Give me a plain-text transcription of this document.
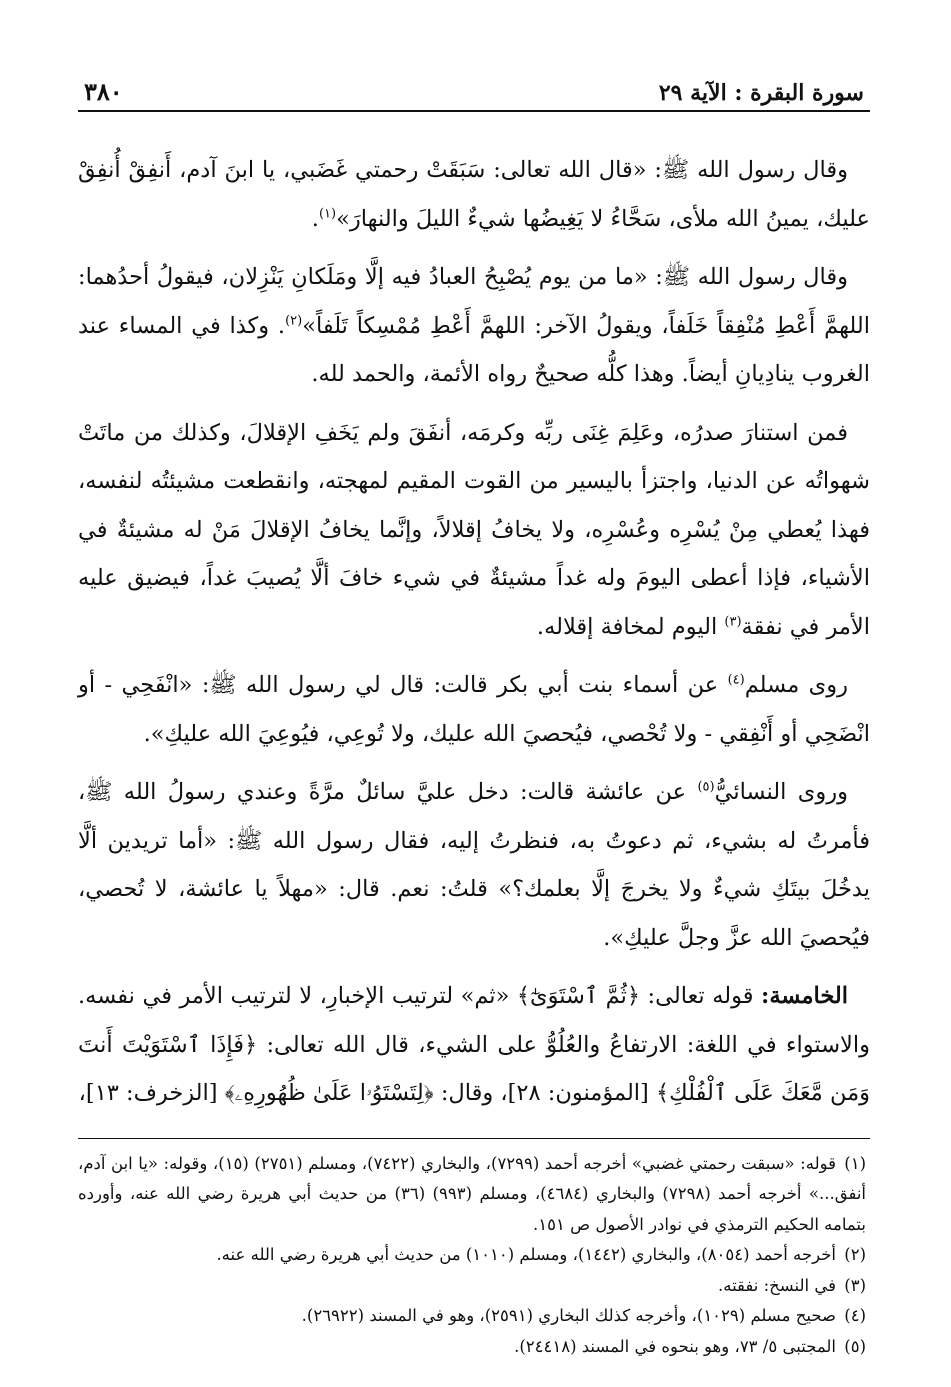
سورة البقرة : الآية ٢٩
٣٨٠

وقال رسول الله ﷺ: «قال الله تعالى: سَبَقَتْ رحمتي غَضَبي، يا ابنَ آدم، أَنفِقْ أُنفِقْ عليك، يمينُ الله ملأى، سَحَّاءُ لا يَغِيضُها شيءٌ الليلَ والنهارَ»$^{(١)}$.

وقال رسول الله ﷺ: «ما من يوم يُصْبِحُ العبادُ فيه إلَّا ومَلَكانِ يَنْزِلان، فيقولُ أحدُهما: اللهمَّ أَعْطِ مُنْفِقاً خَلَفاً، ويقولُ الآخر: اللهمَّ أَعْطِ مُمْسِكاً تَلَفاً»$^{(٢)}$. وكذا في المساء عند الغروب ينادِيانِ أيضاً. وهذا كلُّه صحيحٌ رواه الأئمة، والحمد لله.

فمن استنارَ صدرُه، وعَلِمَ غِنَى ربِّه وكرمَه، أنفَقَ ولم يَخَفِ الإقلالَ، وكذلك من ماتَتْ شهواتُه عن الدنيا، واجتزأ باليسير من القوت المقيم لمهجته، وانقطعت مشيئتُه لنفسه، فهذا يُعطي مِنْ يُسْرِه وعُسْرِه، ولا يخافُ إقلالاً، وإنَّما يخافُ الإقلالَ مَنْ له مشيئةٌ في الأشياء، فإذا أعطى اليومَ وله غداً مشيئةٌ في شيء خافَ ألَّا يُصيبَ غداً، فيضيق عليه الأمر في نفقة$^{(٣)}$ اليوم لمخافة إقلاله.

روى مسلم$^{(٤)}$ عن أسماء بنت أبي بكر قالت: قال لي رسول الله ﷺ: «انْفَحِي - أو انْضَحِي أو أَنْفِقي - ولا تُحْصي، فيُحصيَ الله عليك، ولا تُوعِي، فيُوعِيَ الله عليكِ».

وروى النسائيُّ$^{(٥)}$ عن عائشة قالت: دخل عليَّ سائلٌ مرَّةً وعندي رسولُ الله ﷺ، فأمرتُ له بشيء، ثم دعوتُ به، فنظرتُ إليه، فقال رسول الله ﷺ: «أما تريدين ألَّا يدخُلَ بيتَكِ شيءٌ ولا يخرجَ إلَّا بعلمك؟» قلتُ: نعم. قال: «مهلاً يا عائشة، لا تُحصي، فيُحصيَ الله عزَّ وجلَّ عليكِ».

الخامسة: قوله تعالى: ﴿ثُمَّ ٱسْتَوَىٰٓ﴾ «ثم» لترتيب الإخبارِ، لا لترتيب الأمر في نفسه. والاستواء في اللغة: الارتفاعُ والعُلُوُّ على الشيء، قال الله تعالى: ﴿فَإِذَا ٱسْتَوَيْتَ أَنتَ وَمَن مَّعَكَ عَلَى ٱلْفُلْكِ﴾ [المؤمنون: ٢٨]، وقال: ﴿لِتَسْتَوُۥا عَلَىٰ ظُهُورِهِۦ﴾ [الزخرف: ١٣]،

(١)قوله: «سبقت رحمتي غضبي» أخرجه أحمد (٧٢٩٩)، والبخاري (٧٤٢٢)، ومسلم (٢٧٥١) (١٥)، وقوله: «يا ابن آدم، أنفق...» أخرجه أحمد (٧٢٩٨) والبخاري (٤٦٨٤)، ومسلم (٩٩٣) (٣٦) من حديث أبي هريرة رضي الله عنه، وأورده بتمامه الحكيم الترمذي في نوادر الأصول ص ١٥١.

(٢)أخرجه أحمد (٨٠٥٤)، والبخاري (١٤٤٢)، ومسلم (١٠١٠) من حديث أبي هريرة رضي الله عنه.

(٣)في النسخ: نفقته.

(٤)صحيح مسلم (١٠٢٩)، وأخرجه كذلك البخاري (٢٥٩١)، وهو في المسند (٢٦٩٢٢).

(٥)المجتبى ٥/ ٧٣، وهو بنحوه في المسند (٢٤٤١٨).
